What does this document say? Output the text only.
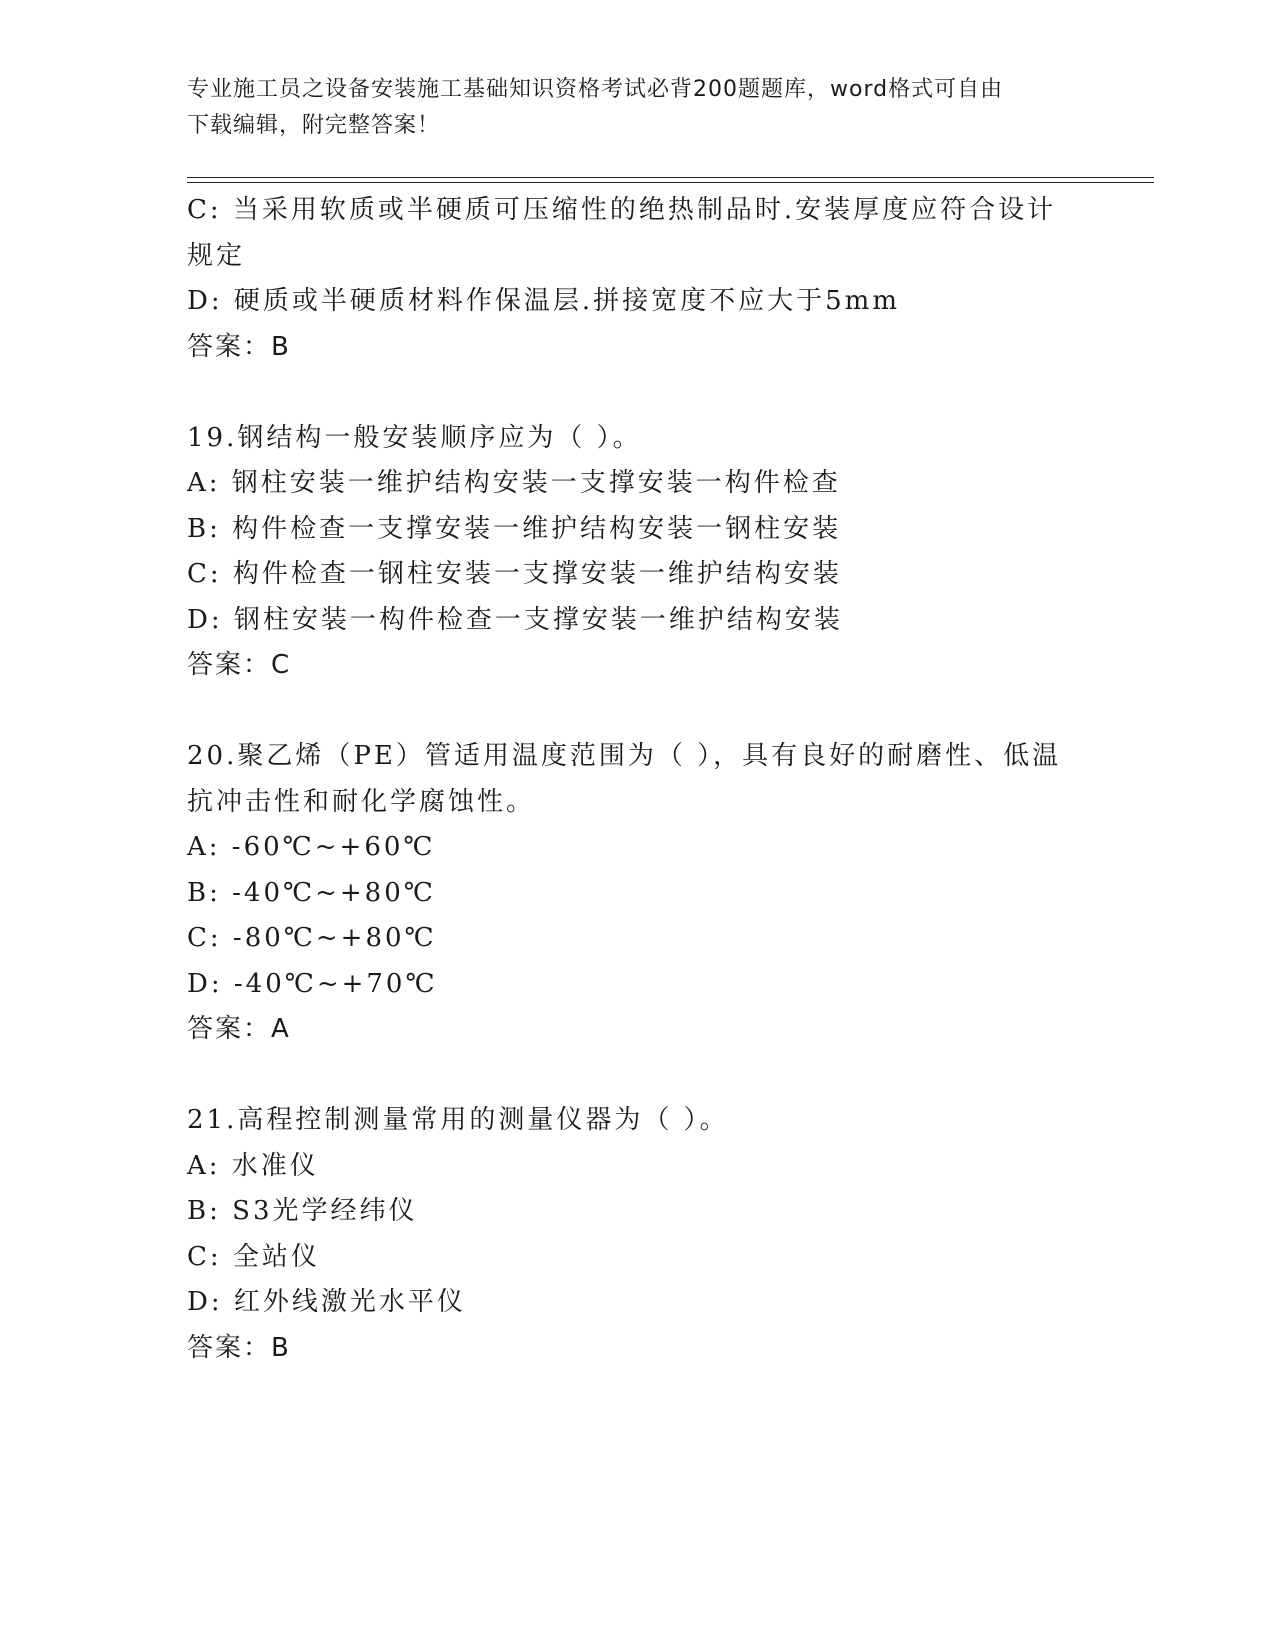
专业施工员之设备安装施工基础知识资格考试必背200题题库，word格式可自由
下载编辑，附完整答案！
C: 当采用软质或半硬质可压缩性的绝热制品时.安装厚度应符合设计
规定
D: 硬质或半硬质材料作保温层.拼接宽度不应大于5mm
答案：B
19.钢结构一般安装顺序应为（ ）。
A: 钢柱安装一维护结构安装一支撑安装一构件检查
B: 构件检查一支撑安装一维护结构安装一钢柱安装
C: 构件检查一钢柱安装一支撑安装一维护结构安装
D: 钢柱安装一构件检查一支撑安装一维护结构安装
答案：C
20.聚乙烯（PE）管适用温度范围为（ ），具有良好的耐磨性、低温
抗冲击性和耐化学腐蚀性。
A: -60℃~+60℃
B: -40℃~+80℃
C: -80℃~+80℃
D: -40℃~+70℃
答案：A
21.高程控制测量常用的测量仪器为（ ）。
A: 水准仪
B: S3光学经纬仪
C: 全站仪
D: 红外线激光水平仪
答案：B
